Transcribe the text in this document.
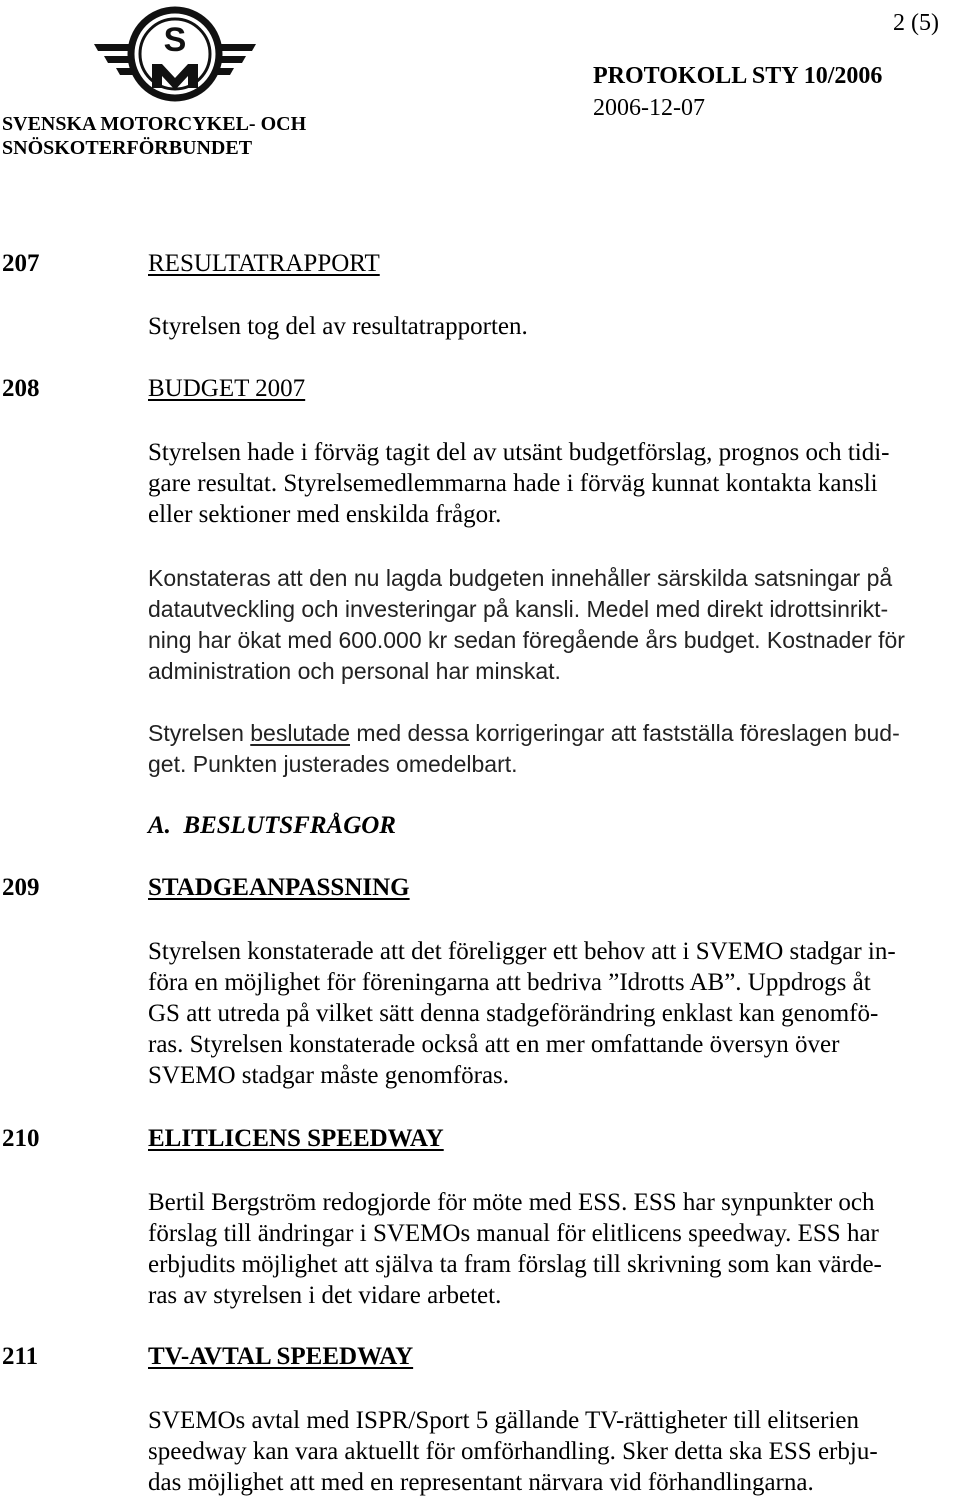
S	2 (5)
PROTOKOLL STY 10/2006
2006-12-07
SVENSKA MOTORCYKEL- OCH
SNÖSKOTERFÖRBUNDET
207	RESULTATRAPPORT
Styrelsen tog del av resultatrapporten.
208	BUDGET 2007
Styrelsen hade i förväg tagit del av utsänt budgetförslag, prognos och tidi-
gare resultat. Styrelsemedlemmarna hade i förväg kunnat kontakta kansli
eller sektioner med enskilda frågor.
Konstateras att den nu lagda budgeten innehåller särskilda satsningar på
datautveckling och investeringar på kansli. Medel med direkt idrottsinrikt-
ning har ökat med 600.000 kr sedan föregående års budget. Kostnader för
administration och personal har minskat.
Styrelsen beslutade med dessa korrigeringar att fastställa föreslagen bud-
get. Punkten justerades omedelbart.
A.  BESLUTSFRÅGOR
209	STADGEANPASSNING
Styrelsen konstaterade att det föreligger ett behov att i SVEMO stadgar in-
föra en möjlighet för föreningarna att bedriva ”Idrotts AB”. Uppdrogs åt
GS att utreda på vilket sätt denna stadgeförändring enklast kan genomfö-
ras. Styrelsen konstaterade också att en mer omfattande översyn över
SVEMO stadgar måste genomföras.
210	ELITLICENS SPEEDWAY
Bertil Bergström redogjorde för möte med ESS. ESS har synpunkter och
förslag till ändringar i SVEMOs manual för elitlicens speedway. ESS har
erbjudits möjlighet att själva ta fram förslag till skrivning som kan värde-
ras av styrelsen i det vidare arbetet.
211	TV-AVTAL SPEEDWAY
SVEMOs avtal med ISPR/Sport 5 gällande TV-rättigheter till elitserien
speedway kan vara aktuellt för omförhandling. Sker detta ska ESS erbju-
das möjlighet att med en representant närvara vid förhandlingarna.
